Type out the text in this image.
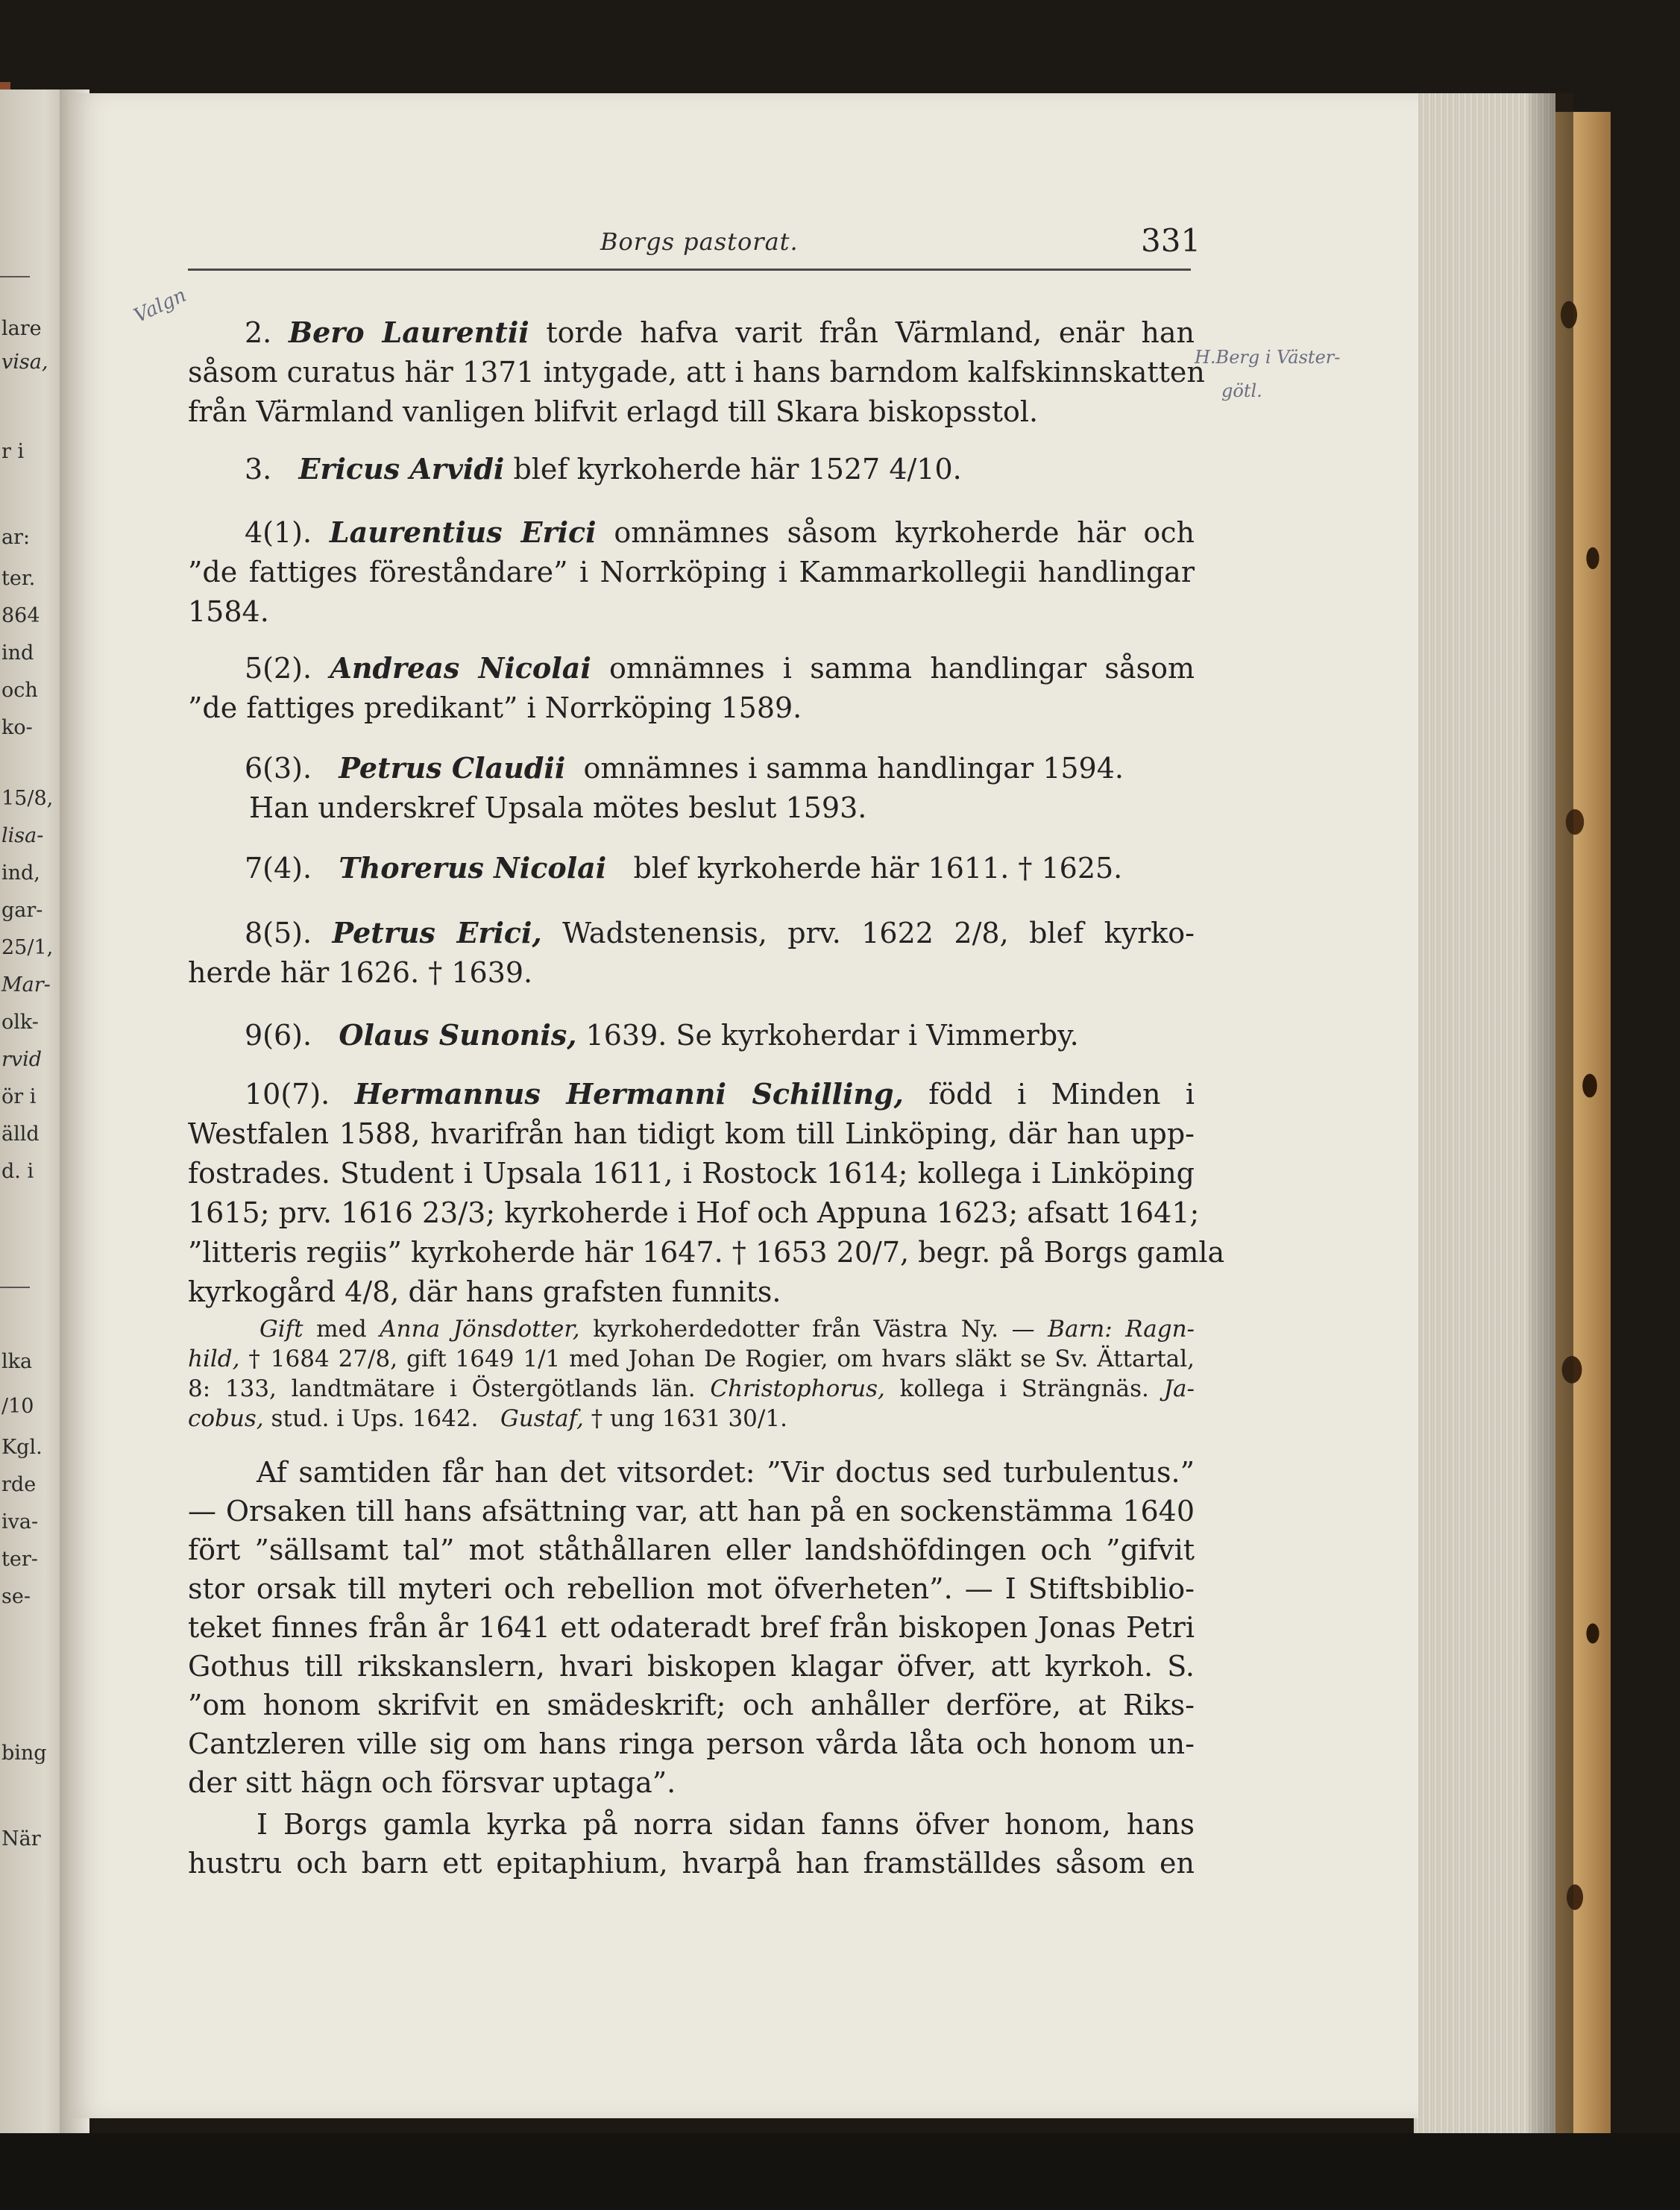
lare
visa,
r i
ar:
ter.
864
ind
och
ko-
15/8,
lisa-
ind,
gar-
25/1,
Mar-
olk-
rvid
ör i
älld
d. i
lka
/10
Kgl.
rde
iva-
ter-
se-
bing
När
Borgs pastorat.	331
Valgn
H.Berg i Väster-
götl.
2. Bero Laurentii torde hafva varit från Värmland, enär han
såsom curatus här 1371 intygade, att i hans barndom kalfskinnskatten
från Värmland vanligen blifvit erlagd till Skara biskopsstol.
3. Ericus Arvidi blef kyrkoherde här 1527 4/10.
4(1). Laurentius Erici omnämnes såsom kyrkoherde här och
”de fattiges föreståndare” i Norrköping i Kammarkollegii handlingar
1584.
5(2). Andreas Nicolai omnämnes i samma handlingar såsom
”de fattiges predikant” i Norrköping 1589.
6(3). Petrus Claudii omnämnes i samma handlingar 1594.
Han underskref Upsala mötes beslut 1593.
7(4). Thorerus Nicolai blef kyrkoherde här 1611. † 1625.
8(5). Petrus Erici, Wadstenensis, prv. 1622 2/8, blef kyrko-
herde här 1626. † 1639.
9(6). Olaus Sunonis, 1639. Se kyrkoherdar i Vimmerby.
10(7). Hermannus Hermanni Schilling, född i Minden i
Westfalen 1588, hvarifrån han tidigt kom till Linköping, där han upp-
fostrades. Student i Upsala 1611, i Rostock 1614; kollega i Linköping
1615; prv. 1616 23/3; kyrkoherde i Hof och Appuna 1623; afsatt 1641;
”litteris regiis” kyrkoherde här 1647. † 1653 20/7, begr. på Borgs gamla
kyrkogård 4/8, där hans grafsten funnits.
Gift med Anna Jönsdotter, kyrkoherdedotter från Västra Ny. — Barn: Ragn-
hild, † 1684 27/8, gift 1649 1/1 med Johan De Rogier, om hvars släkt se Sv. Ättartal,
8: 133, landtmätare i Östergötlands län. Christophorus, kollega i Strängnäs. Ja-
cobus, stud. i Ups. 1642. Gustaf, † ung 1631 30/1.
Af samtiden får han det vitsordet: ”Vir doctus sed turbulentus.”
— Orsaken till hans afsättning var, att han på en sockenstämma 1640
fört ”sällsamt tal” mot ståthållaren eller landshöfdingen och ”gifvit
stor orsak till myteri och rebellion mot öfverheten”. — I Stiftsbiblio-
teket finnes från år 1641 ett odateradt bref från biskopen Jonas Petri
Gothus till rikskanslern, hvari biskopen klagar öfver, att kyrkoh. S.
”om honom skrifvit en smädeskrift; och anhåller derföre, at Riks-
Cantzleren ville sig om hans ringa person vårda låta och honom un-
der sitt hägn och försvar uptaga”.
I Borgs gamla kyrka på norra sidan fanns öfver honom, hans
hustru och barn ett epitaphium, hvarpå han framställdes såsom en
